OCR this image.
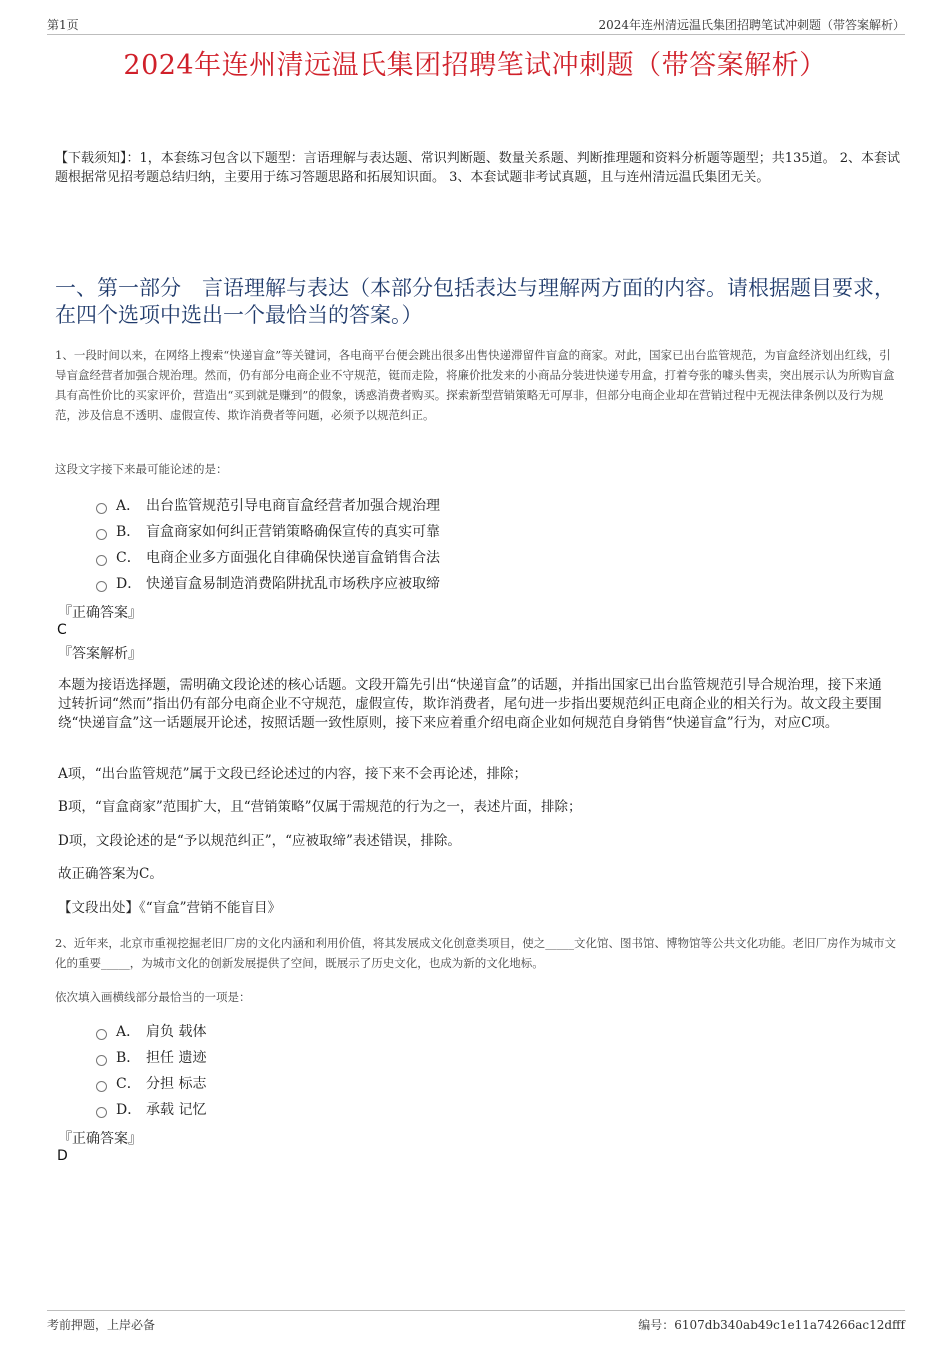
第1页	2024年连州清远温氏集团招聘笔试冲刺题（带答案解析）
2024年连州清远温氏集团招聘笔试冲刺题（带答案解析）
【下载须知】：1，本套练习包含以下题型：言语理解与表达题、常识判断题、数量关系题、判断推理题和资料分析题等题型；共135道。 2、本套试题根据常见招考题总结归纳，主要用于练习答题思路和拓展知识面。 3、本套试题非考试真题，且与连州清远温氏集团无关。
一、第一部分　言语理解与表达（本部分包括表达与理解两方面的内容。请根据题目要求，在四个选项中选出一个最恰当的答案。）
1、一段时间以来，在网络上搜索“快递盲盒”等关键词，各电商平台便会跳出很多出售快递滞留件盲盒的商家。对此，国家已出台监管规范，为盲盒经济划出红线，引导盲盒经营者加强合规治理。然而，仍有部分电商企业不守规范，铤而走险，将廉价批发来的小商品分装进快递专用盒，打着夸张的噱头售卖，突出展示认为所购盲盒具有高性价比的买家评价，营造出“买到就是赚到”的假象，诱惑消费者购买。探索新型营销策略无可厚非，但部分电商企业却在营销过程中无视法律条例以及行为规范，涉及信息不透明、虚假宣传、欺诈消费者等问题，必须予以规范纠正。
这段文字接下来最可能论述的是：
A． 出台监管规范引导电商盲盒经营者加强合规治理
B． 盲盒商家如何纠正营销策略确保宣传的真实可靠
C． 电商企业多方面强化自律确保快递盲盒销售合法
D． 快递盲盒易制造消费陷阱扰乱市场秩序应被取缔
『正确答案』
C
『答案解析』

本题为接语选择题，需明确文段论述的核心话题。文段开篇先引出“快递盲盒”的话题，并指出国家已出台监管规范引导合规治理，接下来通过转折词“然而”指出仍有部分电商企业不守规范，虚假宣传，欺诈消费者，尾句进一步指出要规范纠正电商企业的相关行为。故文段主要围绕“快递盲盒”这一话题展开论述，按照话题一致性原则，接下来应着重介绍电商企业如何规范自身销售“快递盲盒”行为，对应C项。

A项，“出台监管规范”属于文段已经论述过的内容，接下来不会再论述，排除；

B项，“盲盒商家”范围扩大，且“营销策略”仅属于需规范的行为之一，表述片面，排除；

D项，文段论述的是“予以规范纠正”，“应被取缔”表述错误，排除。

故正确答案为C。

【文段出处】《“盲盒”营销不能盲目》

2、近年来，北京市重视挖掘老旧厂房的文化内涵和利用价值，将其发展成文化创意类项目，使之_____文化馆、图书馆、博物馆等公共文化功能。老旧厂房作为城市文化的重要_____，为城市文化的创新发展提供了空间，既展示了历史文化，也成为新的文化地标。
依次填入画横线部分最恰当的一项是：
A． 肩负 载体
B． 担任 遗迹
C． 分担 标志
D． 承载 记忆
『正确答案』
D
考前押题，上岸必备	编号：6107db340ab49c1e11a74266ac12dfff
